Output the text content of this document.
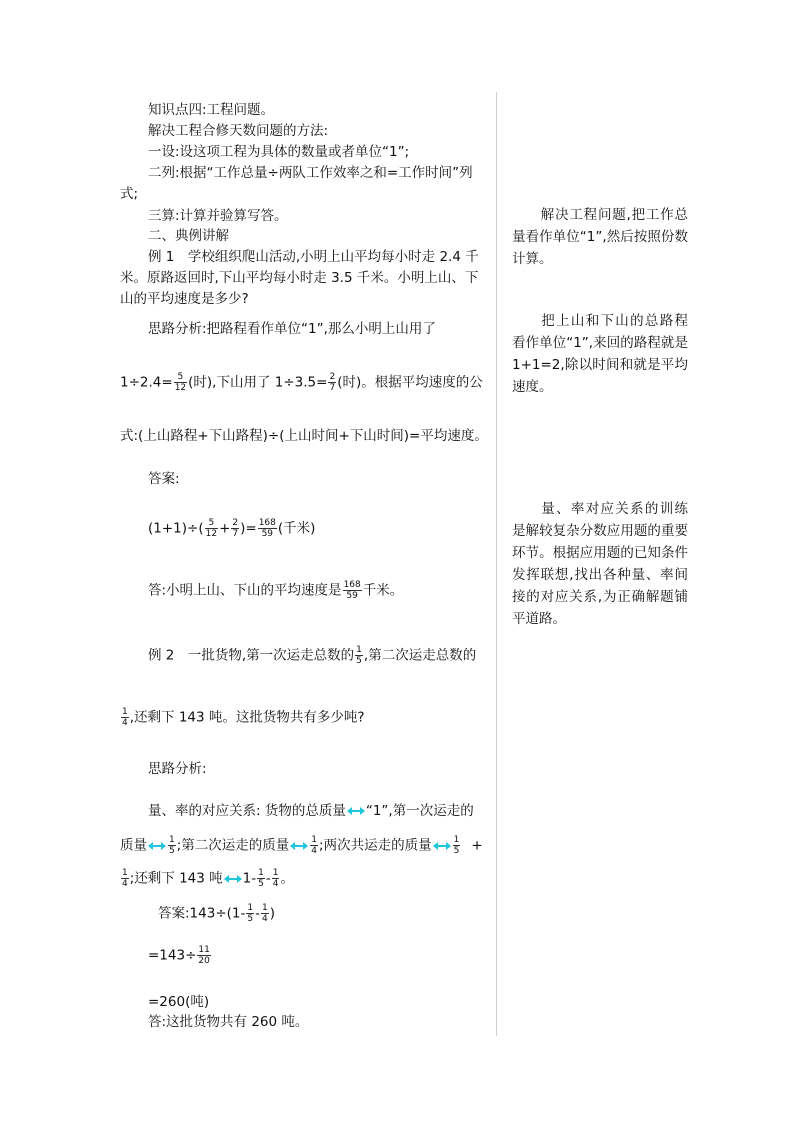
知识点四:工程问题。
解决工程合修天数问题的方法:
一设:设这项工程为具体的数量或者单位“1”;
二列:根据“工作总量÷两队工作效率之和=工作时间”列
式;
三算:计算并验算写答。
二、典例讲解
例 1　学校组织爬山活动,小明上山平均每小时走 2.4 千
米。原路返回时,下山平均每小时走 3.5 千米。小明上山、下
山的平均速度是多少?
思路分析:把路程看作单位“1”,那么小明上山用了
$1\div 2.4= \frac{5}{12}$ (时),下山用了 $1\div 3.5= \frac{2}{7}$ (时)。根据平均速度的公
式:(上山路程+下山路程)÷(上山时间+下山时间)=平均速度。
答案:
$(1+1)\div( \frac{5}{12} + \frac{2}{7}$ )= $\frac{168}{59}$ (千米)
答:小明上山、下山的平均速度是 $\frac{168}{59}$ 千米。
例 2　一批货物,第一次运走总数的 $\frac{1}{5}$ ,第二次运走总数的
$\frac{1}{4}$ ,还剩下 143 吨。这批货物共有多少吨?
思路分析:
量、率的对应关系: 货物的总质量 “1”,第一次运走的
质量 $\frac{1}{5}$ ;第二次运走的质量 $\frac{1}{4}$ ;两次共运走的质量 $\frac{1}{5}$ +
$\frac{1}{4}$ ;还剩下 143 吨 $1- \frac{1}{5} - \frac{1}{4}$ 。
答案:143÷(1- $\frac{1}{5} - \frac{1}{4}$ )
$=143\div \frac{11}{20}$
=260(吨)
答:这批货物共有 260 吨。
解决工程问题,把工作总量看作单位“1”,然后按照份数计算。
把上山和下山的总路程看作单位“1”,来回的路程就是 1+1=2,除以时间和就是平均速度。
量、率对应关系的训练是解较复杂分数应用题的重要环节。根据应用题的已知条件发挥联想,找出各种量、率间接的对应关系,为正确解题铺平道路。
